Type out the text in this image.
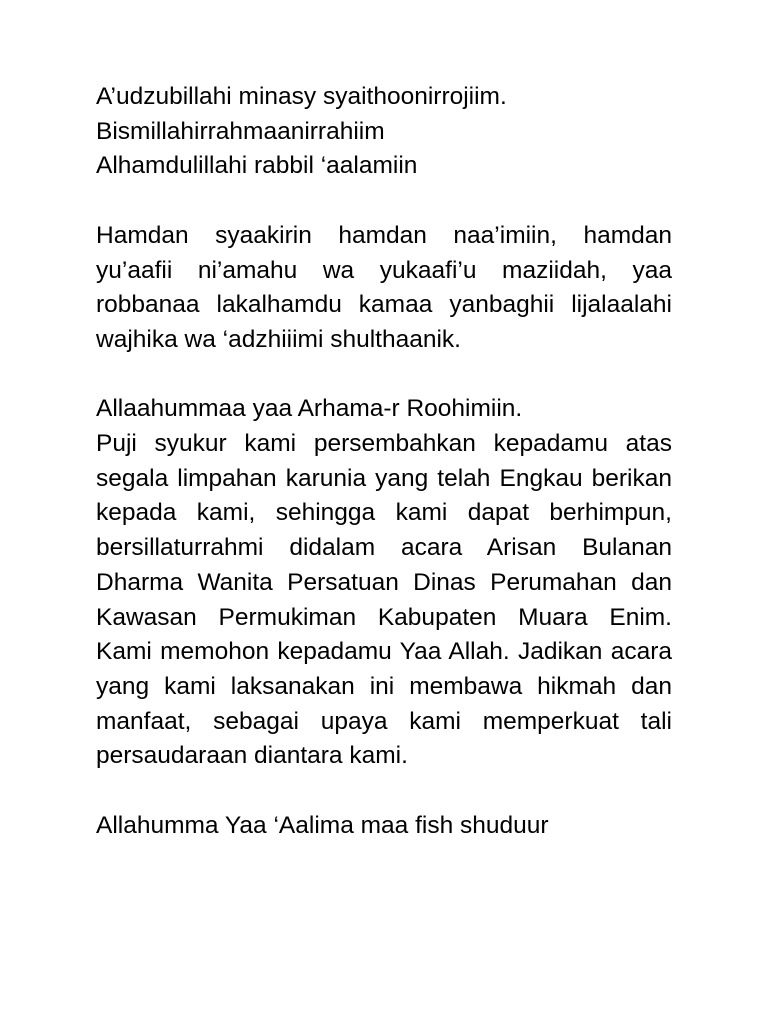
A’udzubillahi minasy syaithoonirrojiim.
Bismillahirrahmaanirrahiim
Alhamdulillahi rabbil ‘aalamiin
Hamdan syaakirin hamdan naa’imiin, hamdan yu’aafii ni’amahu wa yukaafi’u maziidah, yaa robbanaa lakalhamdu kamaa yanbaghii lijalaalahi wajhika wa ‘adzhiiimi shulthaanik.
Allaahummaa yaa Arhama-r Roohimiin.
Puji syukur kami persembahkan kepadamu atas segala limpahan karunia yang telah Engkau berikan kepada kami, sehingga kami dapat berhimpun, bersillaturrahmi didalam acara Arisan Bulanan Dharma Wanita Persatuan Dinas Perumahan dan Kawasan Permukiman Kabupaten Muara Enim. Kami memohon kepadamu Yaa Allah. Jadikan acara yang kami laksanakan ini membawa hikmah dan manfaat, sebagai upaya kami memperkuat tali persaudaraan diantara kami.
Allahumma Yaa ‘Aalima maa fish shuduur
